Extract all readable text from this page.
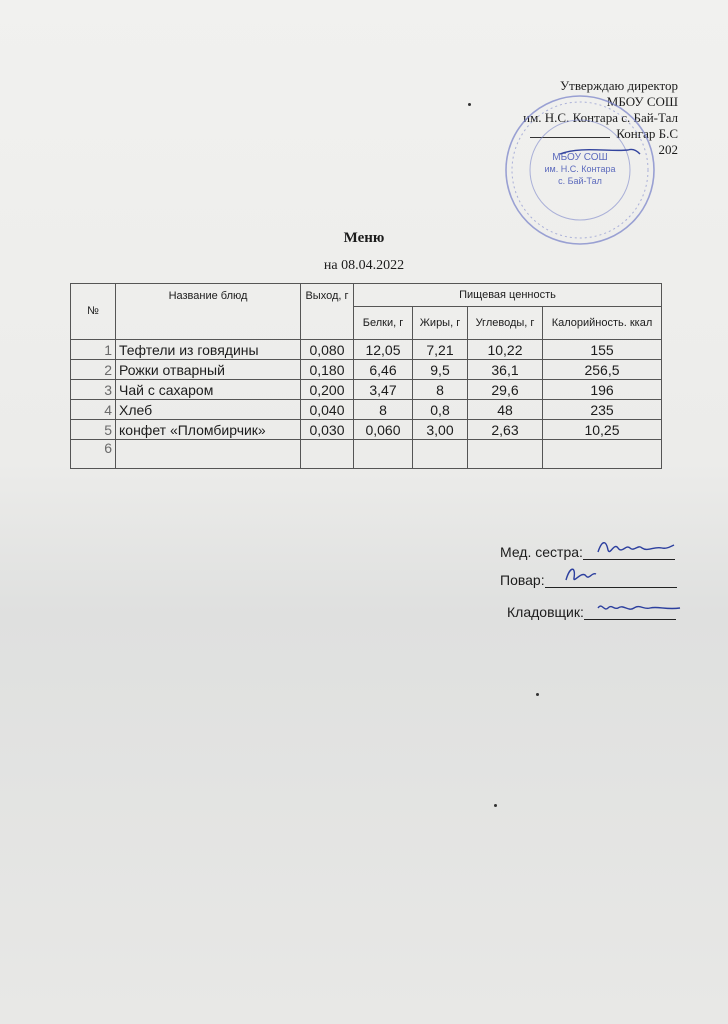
Утверждаю директор
МБОУ СОШ
им. Н.С. Контара с. Бай-Тал
Конгар Б.С
202
МБОУ СОШ
им. Н.С. Контара
с. Бай-Тал
Меню
на 08.04.2022
№	Название блюд	Выход, г	Пищевая ценность			
			Белки, г	Жиры, г	Углеводы, г	Калорийность. ккал
1	Тефтели из говядины	0,080	12,05	7,21	10,22	155
2	Рожки отварный	0,180	6,46	9,5	36,1	256,5
3	Чай с сахаром	0,200	3,47	8	29,6	196
4	Хлеб	0,040	8	0,8	48	235
5	конфет «Пломбирчик»	0,030	0,060	3,00	2,63	10,25
6						
Мед. сестра:
Повар:
Кладовщик:
